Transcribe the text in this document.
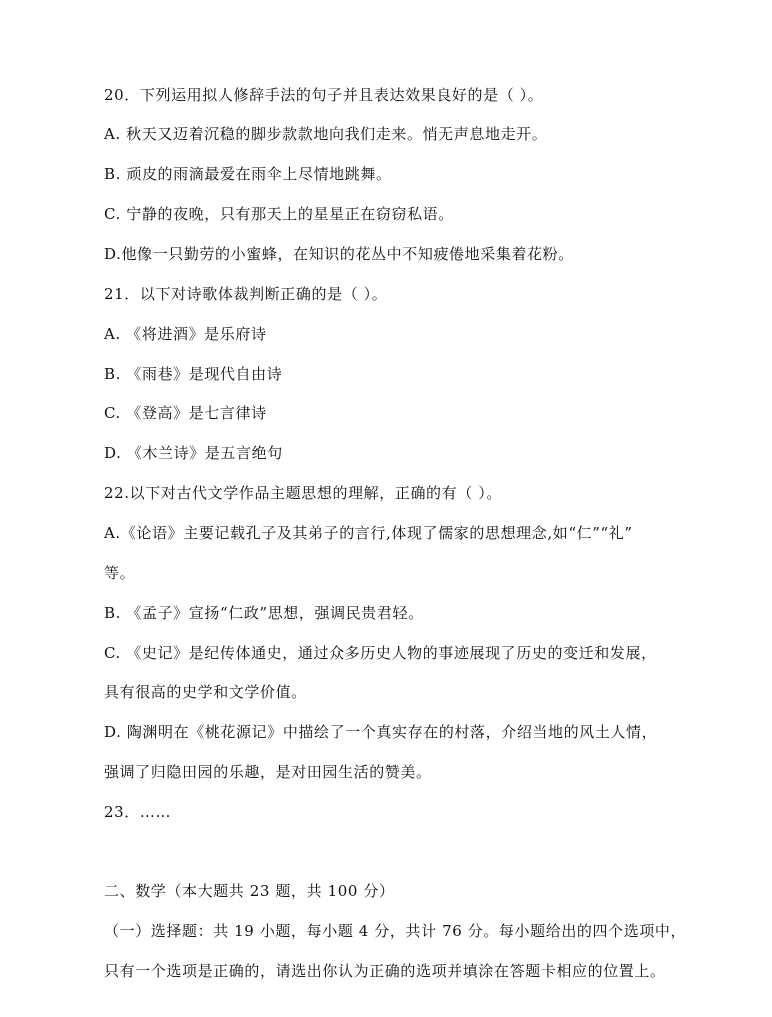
20．下列运用拟人修辞手法的句子并且表达效果良好的是（ ）。
A. 秋天又迈着沉稳的脚步款款地向我们走来。悄无声息地走开。
B. 顽皮的雨滴最爱在雨伞上尽情地跳舞。
C. 宁静的夜晚，只有那天上的星星正在窃窃私语。
D.他像一只勤劳的小蜜蜂，在知识的花丛中不知疲倦地采集着花粉。
21．以下对诗歌体裁判断正确的是（ ）。
A. 《将进酒》是乐府诗
B. 《雨巷》是现代自由诗
C. 《登高》是七言律诗
D. 《木兰诗》是五言绝句
22.以下对古代文学作品主题思想的理解，正确的有（ ）。
A.《论语》主要记载孔子及其弟子的言行,体现了儒家的思想理念,如“仁”“礼”
等。
B. 《孟子》宣扬“仁政”思想，强调民贵君轻。
C. 《史记》是纪传体通史，通过众多历史人物的事迹展现了历史的变迁和发展，
具有很高的史学和文学价值。
D. 陶渊明在《桃花源记》中描绘了一个真实存在的村落，介绍当地的风土人情，
强调了归隐田园的乐趣，是对田园生活的赞美。
23．……
二、数学（本大题共 23 题，共 100 分）
（一）选择题：共 19 小题，每小题 4 分，共计 76 分。每小题给出的四个选项中，
只有一个选项是正确的，请选出你认为正确的选项并填涂在答题卡相应的位置上。
